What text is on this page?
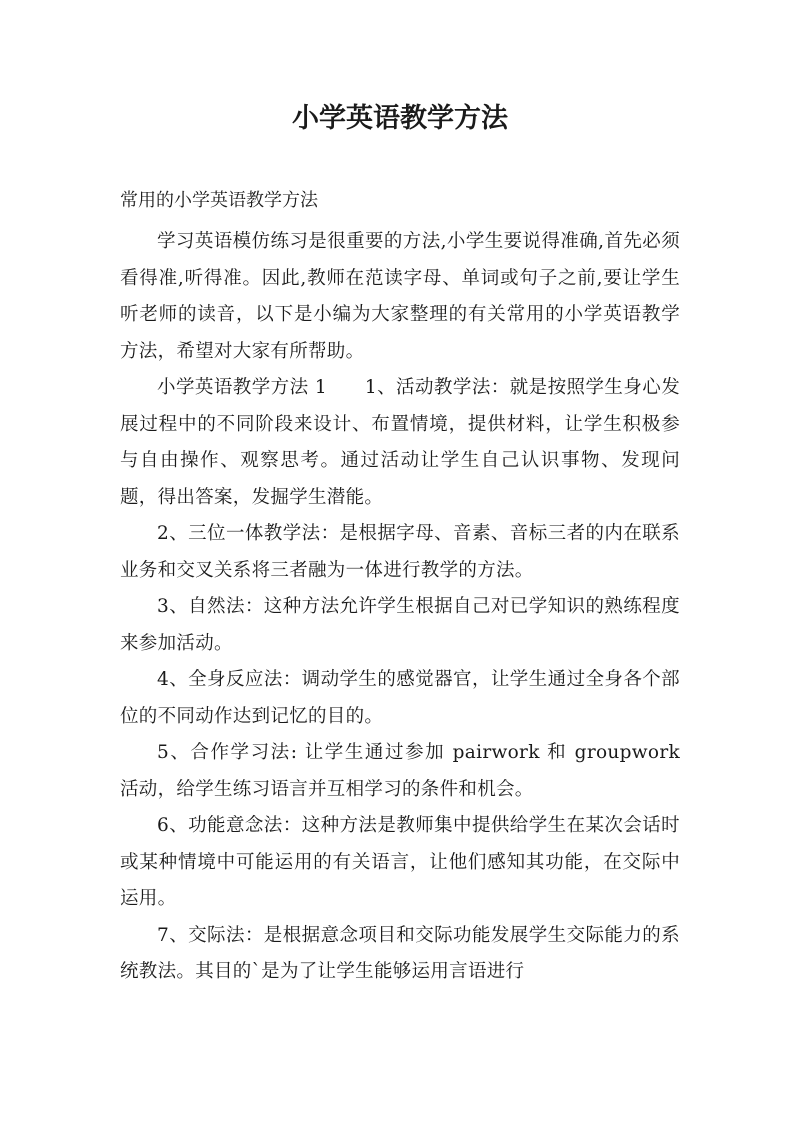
小学英语教学方法

常用的小学英语教学方法

学习英语模仿练习是很重要的方法,小学生要说得准确,首先必须看得准,听得准。因此,教师在范读字母、单词或句子之前,要让学生听老师的读音，以下是小编为大家整理的有关常用的小学英语教学方法，希望对大家有所帮助。

小学英语教学方法 1　　1、活动教学法：就是按照学生身心发展过程中的不同阶段来设计、布置情境，提供材料，让学生积极参与自由操作、观察思考。通过活动让学生自己认识事物、发现问题，得出答案，发掘学生潜能。

2、三位一体教学法：是根据字母、音素、音标三者的内在联系业务和交叉关系将三者融为一体进行教学的方法。

3、自然法：这种方法允许学生根据自己对已学知识的熟练程度来参加活动。

4、全身反应法：调动学生的感觉器官，让学生通过全身各个部位的不同动作达到记忆的目的。

5、合作学习法: 让学生通过参加 pairwork 和 groupwork 活动，给学生练习语言并互相学习的条件和机会。

6、功能意念法：这种方法是教师集中提供给学生在某次会话时或某种情境中可能运用的有关语言，让他们感知其功能，在交际中运用。

7、交际法：是根据意念项目和交际功能发展学生交际能力的系统教法。其目的`是为了让学生能够运用言语进行
